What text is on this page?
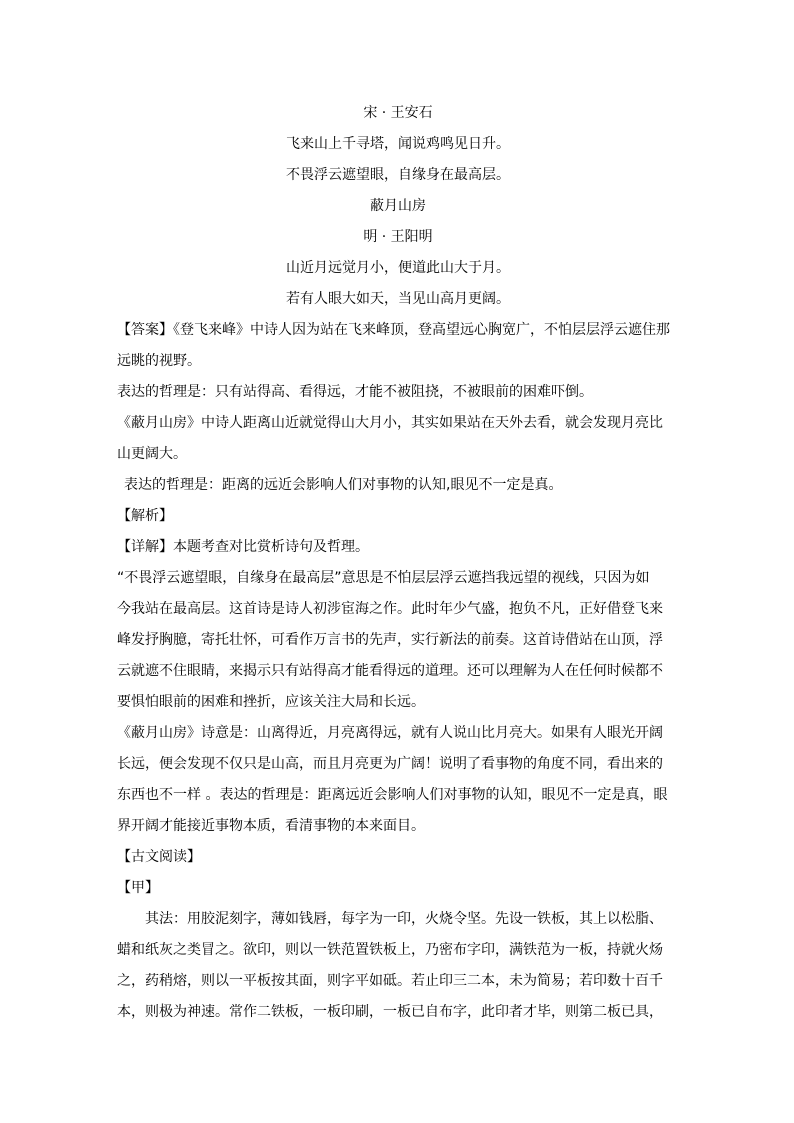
宋 · 王安石
飞来山上千寻塔，闻说鸡鸣见日升。
不畏浮云遮望眼，自缘身在最高层。
蔽月山房
明 · 王阳明
山近月远觉月小，便道此山大于月。
若有人眼大如天，当见山高月更阔。
【答案】《登飞来峰》中诗人因为站在飞来峰顶，登高望远心胸宽广，不怕层层浮云遮住那
远眺的视野。
表达的哲理是：只有站得高、看得远，才能不被阻挠，不被眼前的困难吓倒。
《蔽月山房》中诗人距离山近就觉得山大月小，其实如果站在天外去看，就会发现月亮比
山更阔大。
表达的哲理是：距离的远近会影响人们对事物的认知,眼见不一定是真。
【解析】
【详解】本题考查对比赏析诗句及哲理。
“不畏浮云遮望眼，自缘身在最高层”意思是不怕层层浮云遮挡我远望的视线，只因为如
今我站在最高层。这首诗是诗人初涉宦海之作。此时年少气盛，抱负不凡，正好借登飞来
峰发抒胸臆，寄托壮怀，可看作万言书的先声，实行新法的前奏。这首诗借站在山顶，浮
云就遮不住眼睛，来揭示只有站得高才能看得远的道理。还可以理解为人在任何时候都不
要惧怕眼前的困难和挫折，应该关注大局和长远。
《蔽月山房》诗意是：山离得近，月亮离得远，就有人说山比月亮大。如果有人眼光开阔
长远，便会发现不仅只是山高，而且月亮更为广阔！说明了看事物的角度不同，看出来的
东西也不一样 。表达的哲理是：距离远近会影响人们对事物的认知，眼见不一定是真，眼
界开阔才能接近事物本质，看清事物的本来面目。
【古文阅读】
【甲】
其法：用胶泥刻字，薄如钱唇，每字为一印，火烧令坚。先设一铁板，其上以松脂、
蜡和纸灰之类冒之。欲印，则以一铁范置铁板上，乃密布字印，满铁范为一板，持就火炀
之，药稍熔，则以一平板按其面，则字平如砥。若止印三二本，未为简易；若印数十百千
本，则极为神速。常作二铁板，一板印刷，一板已自布字，此印者才毕，则第二板已具，
